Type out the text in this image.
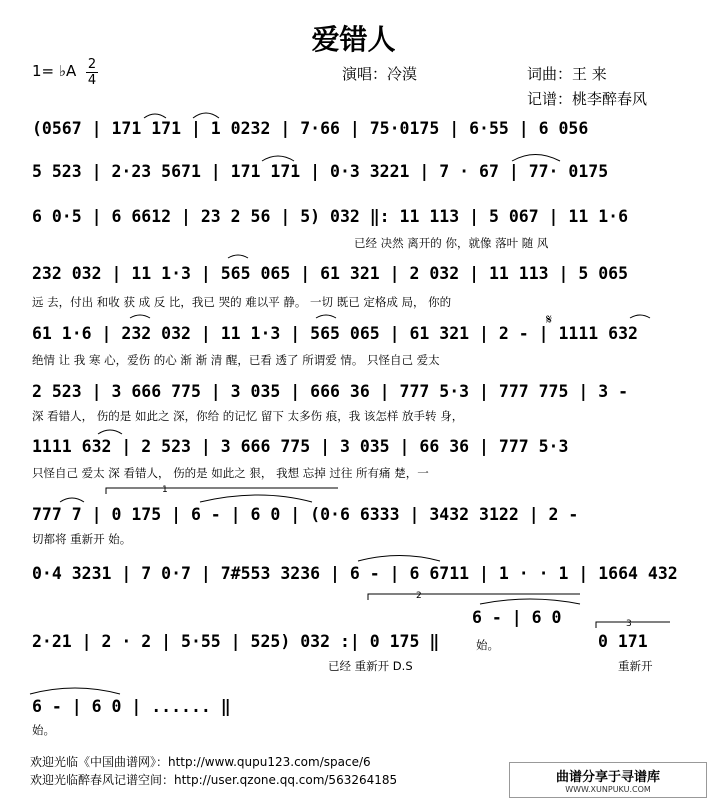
爱错人
1= ♭A 2
4	演唱：冷漠	词曲：王 来
记谱：桃李醉春风
(0567 | 171 171 | 1 0232 | 7·66 | 75·0175 | 6·55 | 6 056
5 523 | 2·23 5671 | 171 171 | 0·3 3221 | 7 · 67 | 77· 0175
6 0·5 | 6 6612 | 23 2 56 | 5) 032 ‖: 11 113 | 5 067 | 11 1·6
已经 决然 离开的 你，就像 落叶 随 风
232 032 | 11 1·3 | 565 065 | 61 321 | 2 032 | 11 113 | 5 065
远 去，付出 和收 获 成 反 比，我已 哭的 难以平 静。 一切 既已 定格成 局， 你的
61 1·6 | 232 032 | 11 1·3 | 565 065 | 61 321 | 2 - | 1111 632
绝情 让 我 寒 心，爱伤 的心 渐 渐 清 醒，已看 透了 所谓爱 情。 只怪自己 爱太
2 523 | 3 666 775 | 3 035 | 666 36 | 777 5·3 | 777 775 | 3 -
深 看错人， 伤的是 如此之 深，你给 的记忆 留下 太多伤 痕，我 该怎样 放手转 身，
1111 632 | 2 523 | 3 666 775 | 3 035 | 66 36 | 777 5·3
只怪自己 爱太 深 看错人， 伤的是 如此之 狠， 我想 忘掉 过往 所有痛 楚，一
777 7 | 0 175 | 6 - | 6 0 | (0·6 6333 | 3432 3122 | 2 -
切都将 重新开 始。
0·4 3231 | 7 0·7 | 7#553 3236 | 6 - | 6 6711 | 1 · · 1 | 1664 432
6 - | 6 0
2·21 | 2 · 2 | 5·55 | 525) 032 :| 0 175 ‖
已经 重新开 D.S
始。	0 171
重新开
6 - | 6 0 | ...... ‖
始。
1
2
3
𝄋
欢迎光临《中国曲谱网》：http://www.qupu123.com/space/6
欢迎光临醉春风记谱空间：http://user.qzone.qq.com/563264185	曲谱分享于寻谱库
WWW.XUNPUKU.COM
